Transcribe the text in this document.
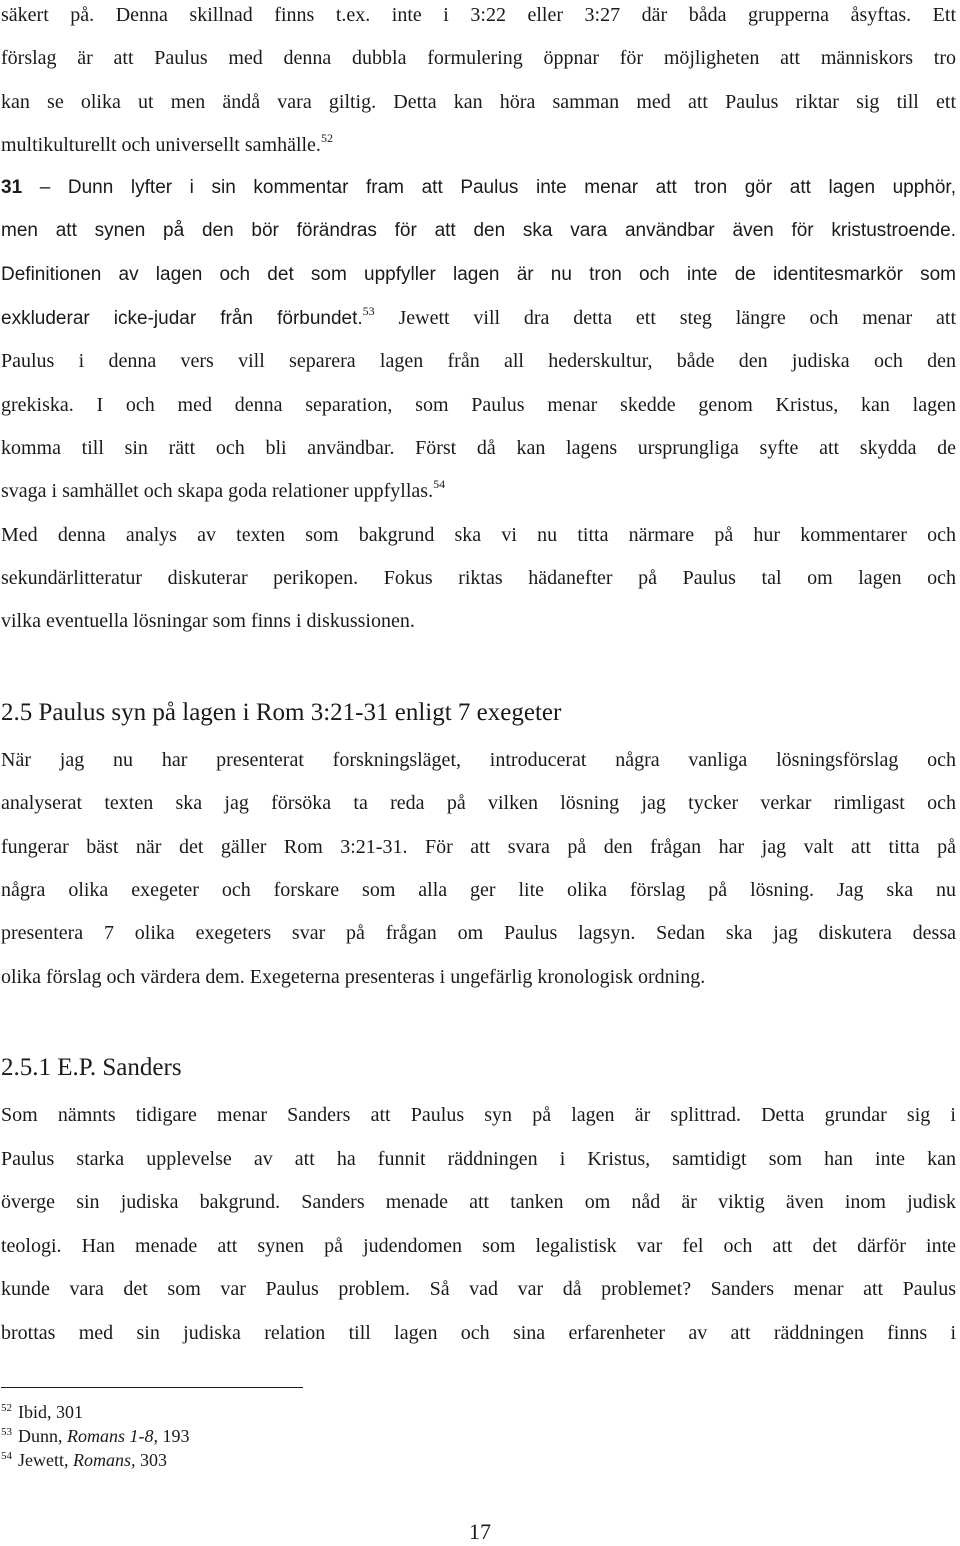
säkert på. Denna skillnad finns t.ex. inte i 3:22 eller 3:27 där båda grupperna åsyftas. Ett
förslag är att Paulus med denna dubbla formulering öppnar för möjligheten att människors tro
kan se olika ut men ändå vara giltig. Detta kan höra samman med att Paulus riktar sig till ett
multikulturellt och universellt samhälle.$^{52}$
31 – Dunn lyfter i sin kommentar fram att Paulus inte menar att tron gör att lagen upphör,
men att synen på den bör förändras för att den ska vara användbar även för kristustroende.
Definitionen av lagen och det som uppfyller lagen är nu tron och inte de identitesmarkör som
exkluderar icke-judar från förbundet.$^{53}$ Jewett vill dra detta ett steg längre och menar att
Paulus i denna vers vill separera lagen från all hederskultur, både den judiska och den
grekiska. I och med denna separation, som Paulus menar skedde genom Kristus, kan lagen
komma till sin rätt och bli användbar. Först då kan lagens ursprungliga syfte att skydda de
svaga i samhället och skapa goda relationer uppfyllas.$^{54}$
Med denna analys av texten som bakgrund ska vi nu titta närmare på hur kommentarer och
sekundärlitteratur diskuterar perikopen. Fokus riktas hädanefter på Paulus tal om lagen och
vilka eventuella lösningar som finns i diskussionen.
2.5 Paulus syn på lagen i Rom 3:21-31 enligt 7 exegeter
När jag nu har presenterat forskningsläget, introducerat några vanliga lösningsförslag och
analyserat texten ska jag försöka ta reda på vilken lösning jag tycker verkar rimligast och
fungerar bäst när det gäller Rom 3:21-31. För att svara på den frågan har jag valt att titta på
några olika exegeter och forskare som alla ger lite olika förslag på lösning. Jag ska nu
presentera 7 olika exegeters svar på frågan om Paulus lagsyn. Sedan ska jag diskutera dessa
olika förslag och värdera dem. Exegeterna presenteras i ungefärlig kronologisk ordning.
2.5.1 E.P. Sanders
Som nämnts tidigare menar Sanders att Paulus syn på lagen är splittrad. Detta grundar sig i
Paulus starka upplevelse av att ha funnit räddningen i Kristus, samtidigt som han inte kan
överge sin judiska bakgrund. Sanders menade att tanken om nåd är viktig även inom judisk
teologi. Han menade att synen på judendomen som legalistisk var fel och att det därför inte
kunde vara det som var Paulus problem. Så vad var då problemet? Sanders menar att Paulus
brottas med sin judiska relation till lagen och sina erfarenheter av att räddningen finns i
$^{52}$ Ibid, 301
$^{53}$ Dunn, Romans 1-8, 193
$^{54}$ Jewett, Romans, 303
17
